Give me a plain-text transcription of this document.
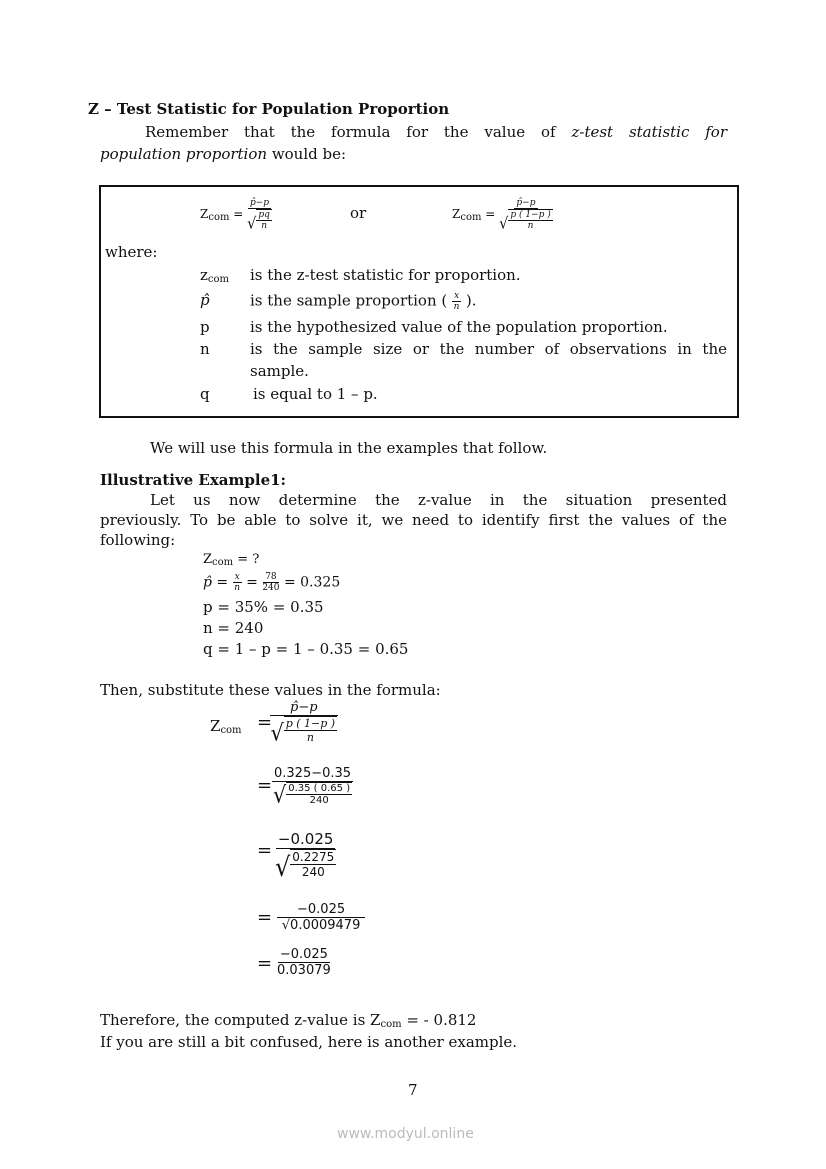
Z – Test Statistic for Population Proportion
Remember that the formula for the value of z-test statistic for
population proportion would be:
$Z_{com} = \frac{p̂-p}{√ \frac{pq}{n}}$	or	$Z_{com} = \frac{p̂-p}{√ \frac{p ( 1-p )}{n}}$
where:
$z_{com}$ is the z-test statistic for proportion.
p̂	is the sample proportion ( $\frac{x}{n}$ ).
p	is the hypothesized value of the population proportion.
n	is the sample size or the number of observations in the
sample.
q	is equal to 1 – p.
We will use this formula in the examples that follow.
Illustrative Example1:
Let us now determine the z-value in the situation presented
previously. To be able to solve it, we need to identify first the values of the
following:
$Z_{com}$ = ?
p̂ = $\frac{x}{n} = \frac{78}{240} = 0.325$
p = 35% = 0.35
n = 240
q = 1 – p = 1 – 0.35 = 0.65
Then, substitute these values in the formula:
$Z_{com}$ =
$\frac{p̂-p}{√ \frac{p ( 1-p )}{n}}$
= $\frac{0.325-0.35}{√ \frac{0.35 ( 0.65 )}{240}}$
= $\frac{-0.025}{√ \frac{0.2275}{240}}$
= $\frac{-0.025}{√0.0009479}$
= $\frac{-0.025}{0.03079}$
Therefore, the computed z-value is $Z_{com}$ = - 0.812
If you are still a bit confused, here is another example.
7
www.modyul.online
